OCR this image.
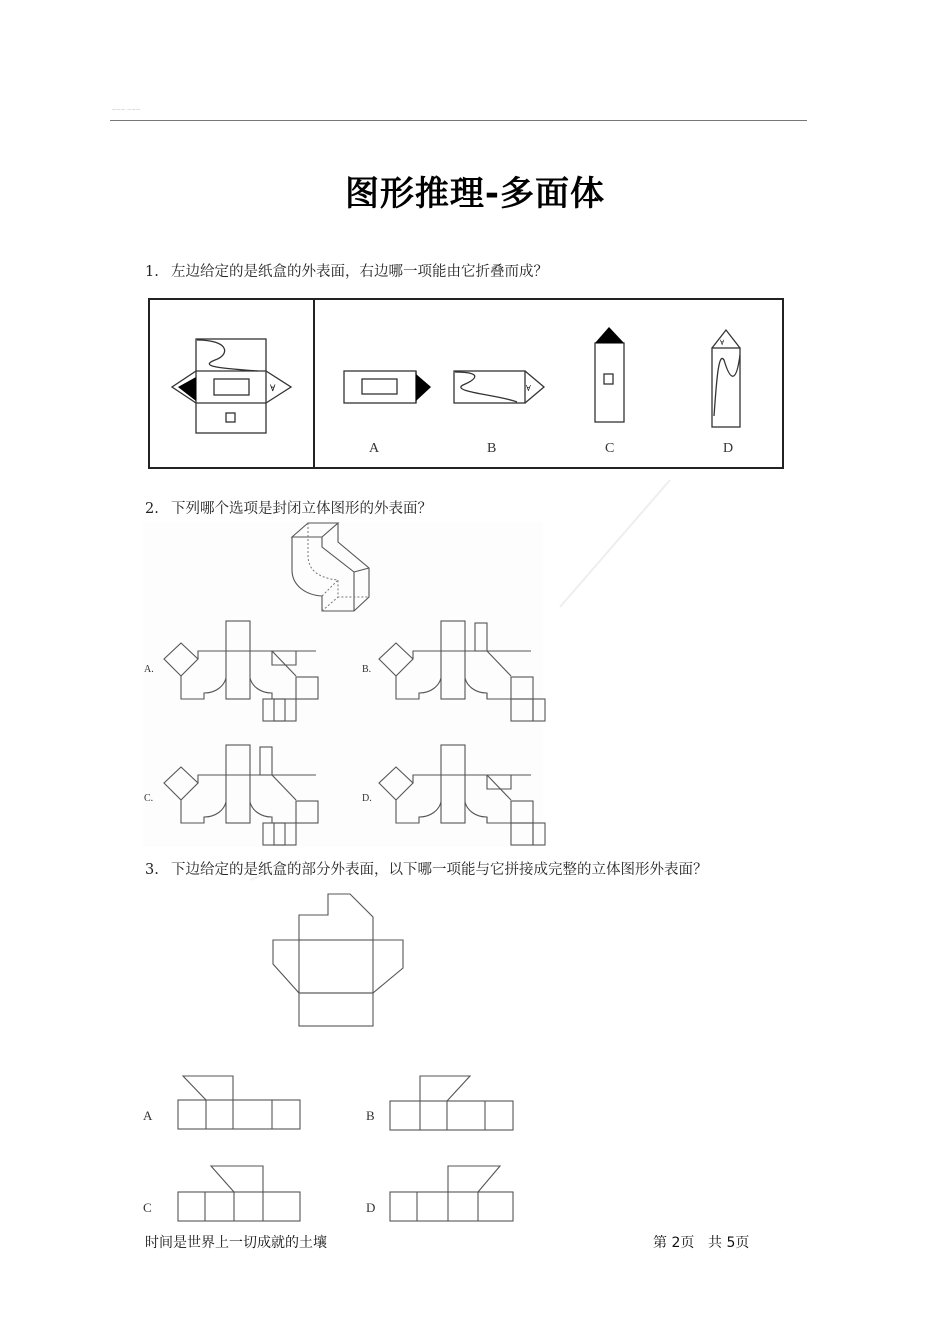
——— ———
图形推理-多面体
1. 左边给定的是纸盒的外表面，右边哪一项能由它折叠而成？
∀	∀
∀
A	B	C	D
2. 下列哪个选项是封闭立体图形的外表面？
A.	B.
C.	D.
3. 下边给定的是纸盒的部分外表面，以下哪一项能与它拼接成完整的立体图形外表面？
A	B
C	D
时间是世界上一切成就的土壤	第 2页 共 5页
